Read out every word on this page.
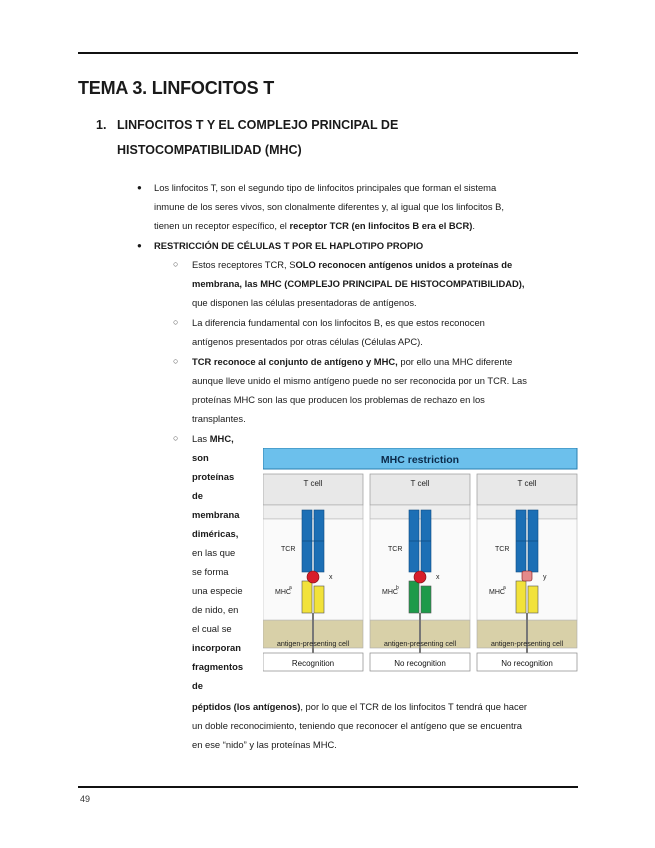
TEMA 3. LINFOCITOS T
1. LINFOCITOS T Y EL COMPLEJO PRINCIPAL DE HISTOCOMPATIBILIDAD (MHC)
● Los linfocitos T, son el segundo tipo de linfocitos principales que forman el sistema
inmune de los seres vivos, son clonalmente diferentes y, al igual que los linfocitos B,
tienen un receptor específico, el receptor TCR (en linfocitos B era el BCR).
● RESTRICCIÓN DE CÉLULAS T POR EL HAPLOTIPO PROPIO
○ Estos receptores TCR, SOLO reconocen antígenos unidos a proteínas de
membrana, las MHC (COMPLEJO PRINCIPAL DE HISTOCOMPATIBILIDAD),
que disponen las células presentadoras de antígenos.
○ La diferencia fundamental con los linfocitos B, es que estos reconocen
antígenos presentados por otras células (Células APC).
○ TCR reconoce al conjunto de antígeno y MHC, por ello una MHC diferente
aunque lleve unido el mismo antígeno puede no ser reconocida por un TCR. Las
proteínas MHC son las que producen los problemas de rechazo en los
transplantes.
○ Las MHC,
son
proteínas
de
membrana
diméricas,
en las que
se forma
una especie
de nido, en
el cual se
incorporan
fragmentos
de
péptidos (los antígenos), por lo que el TCR de los linfocitos T tendrá que hacer
un doble reconocimiento, teniendo que reconocer el antígeno que se encuentra
en ese “nido” y las proteínas MHC.
MHC restriction
T cell
TCR
MHC
a
x
antigen-presenting cell
Recognition
T cell
TCR
MHC
b
x
antigen-presenting cell
No recognition
T cell
TCR
MHC
a
y
antigen-presenting cell
No recognition
49
